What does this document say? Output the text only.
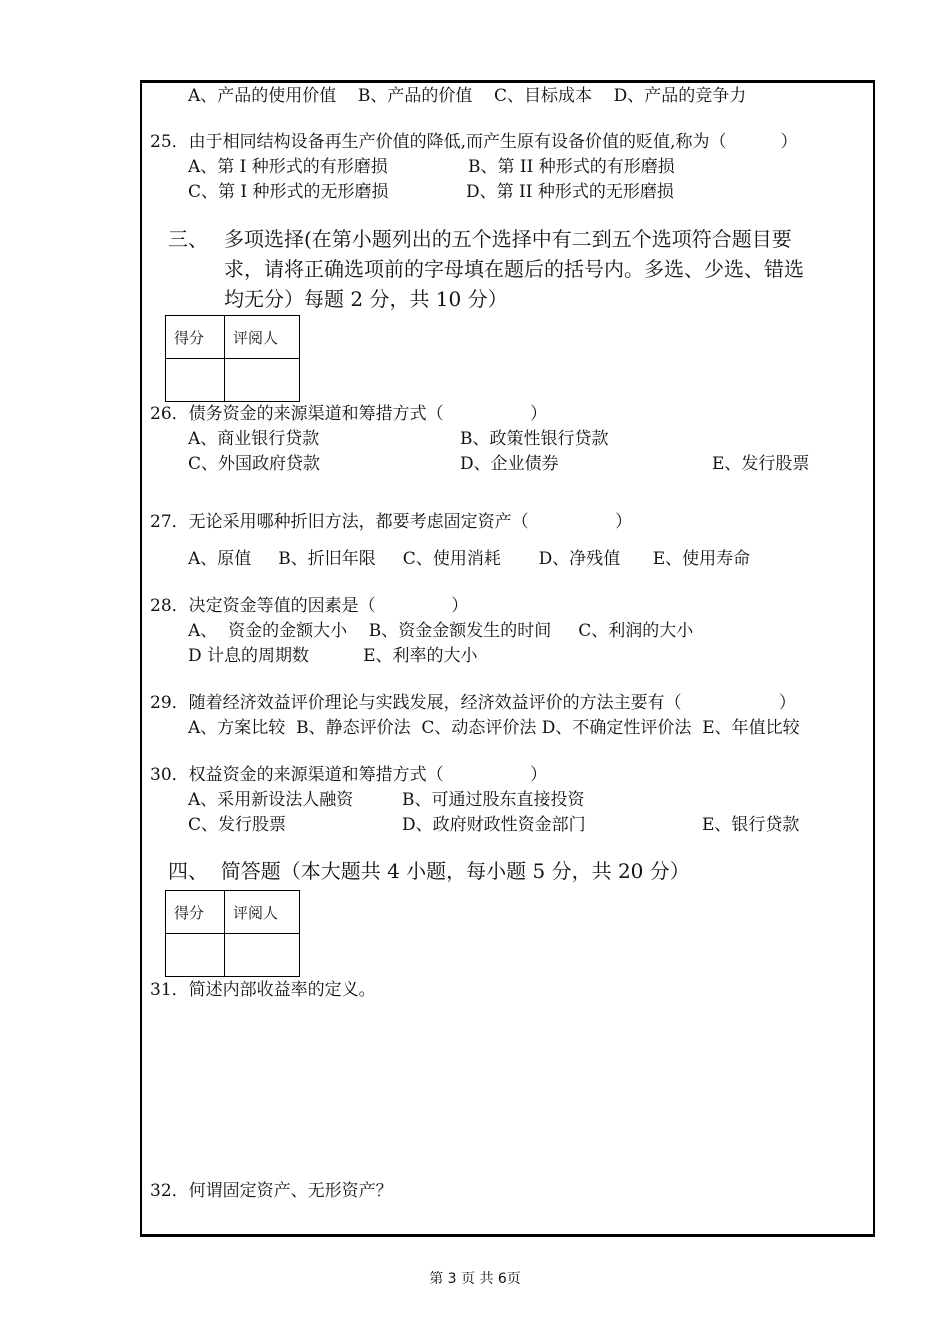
A、产品的使用价值    B、产品的价值    C、目标成本    D、产品的竞争力
25．由于相同结构设备再生产价值的降低,而产生原有设备价值的贬值,称为（          ）
A、第 I 种形式的有形磨损	B、第 II 种形式的有形磨损
C、第 I 种形式的无形磨损	D、第 II 种形式的无形磨损
三、 多项选择(在第小题列出的五个选择中有二到五个选项符合题目要
求，请将正确选项前的字母填在题后的括号内。多选、少选、错选
均无分）每题 2 分，共 10 分）
得分	评阅人

26．债务资金的来源渠道和筹措方式（                ）
A、商业银行贷款	B、政策性银行贷款
C、外国政府贷款	D、企业债券	E、发行股票
27．无论采用哪种折旧方法，都要考虑固定资产（                ）
A、原值     B、折旧年限     C、使用消耗       D、净残值      E、使用寿命
28．决定资金等值的因素是（              ）
A、  资金的金额大小    B、资金金额发生的时间     C、利润的大小
D 计息的周期数          E、利率的大小
29．随着经济效益评价理论与实践发展，经济效益评价的方法主要有（                  ）
A、方案比较  B、静态评价法  C、动态评价法 D、不确定性评价法  E、年值比较
30．权益资金的来源渠道和筹措方式（                ）
A、采用新设法人融资	B、可通过股东直接投资
C、发行股票	D、政府财政性资金部门	E、银行贷款
四、  简答题（本大题共 4 小题，每小题 5 分，共 20 分）
得分	评阅人

31．简述内部收益率的定义。
32．何谓固定资产、无形资产？
第 3 页 共 6页
